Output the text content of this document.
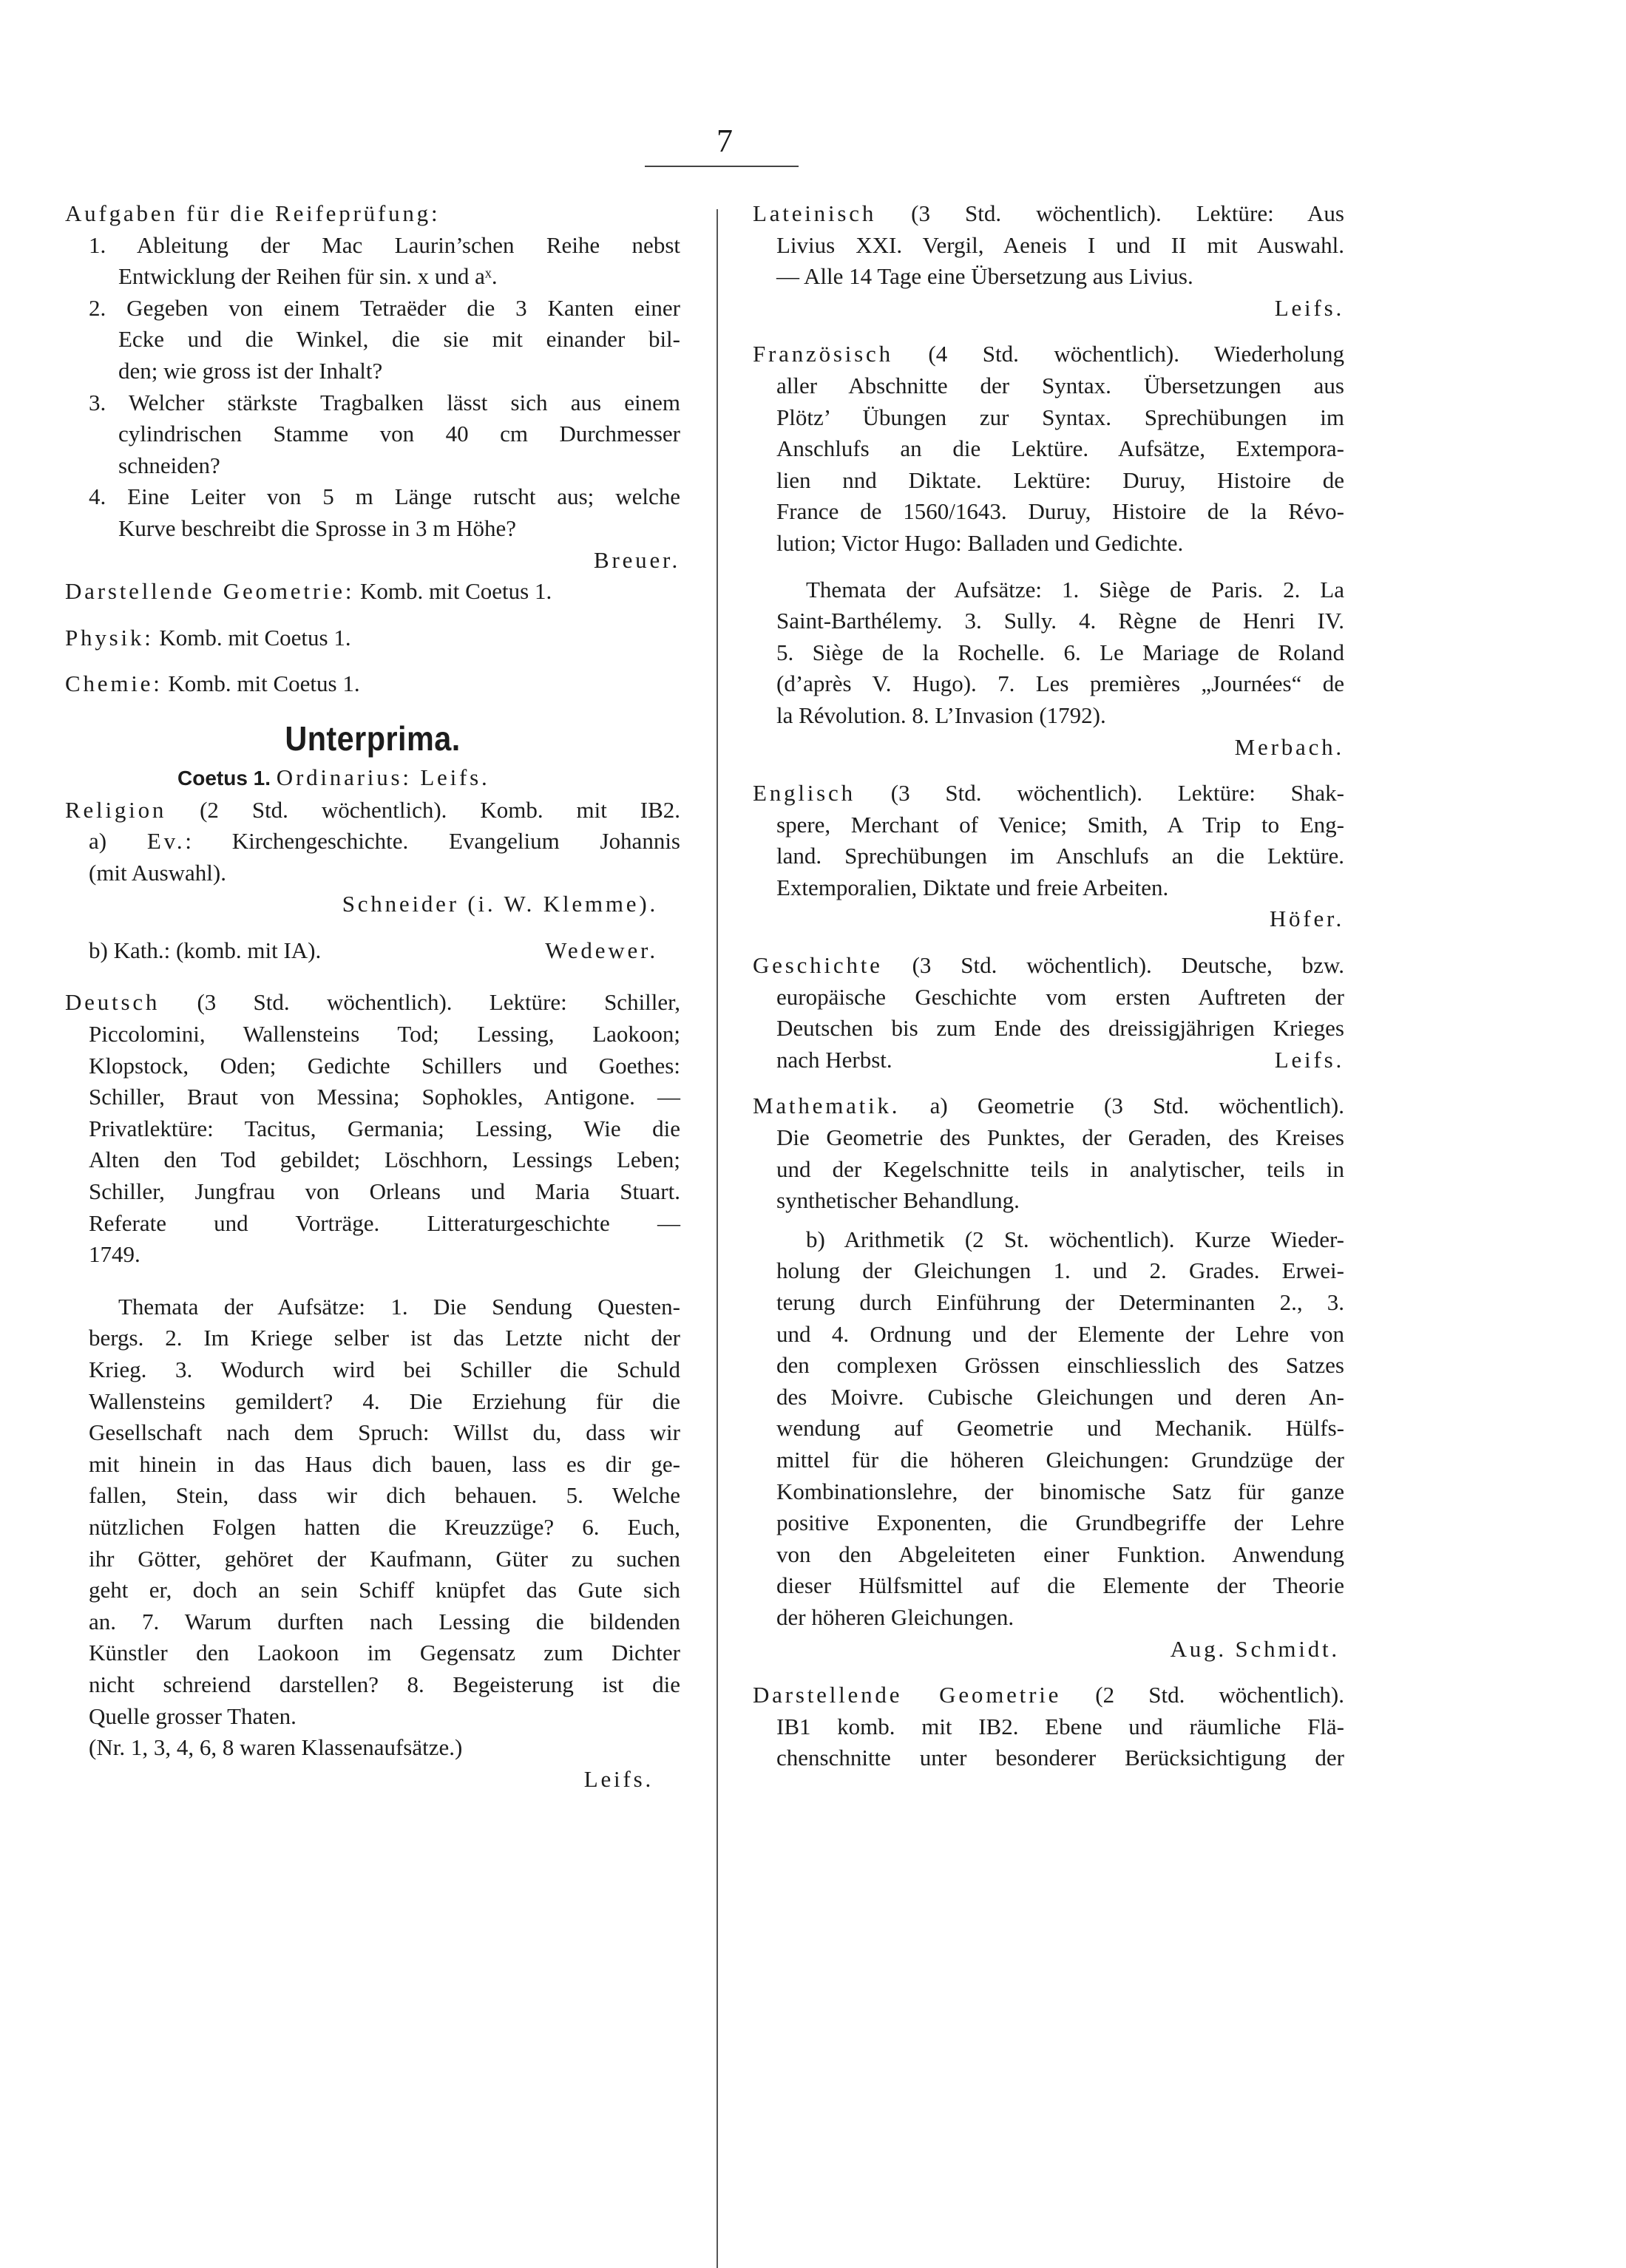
7

Aufgaben für die Reifeprüfung:

1. Ableitung der Mac Laurin’schen Reihe nebst

Entwicklung der Reihen für sin. x und aˣ.

2. Gegeben von einem Tetraëder die 3 Kanten einer

Ecke und die Winkel, die sie mit einander bil-

den; wie gross ist der Inhalt?

3. Welcher stärkste Tragbalken lässt sich aus einem

cylindrischen Stamme von 40 cm Durchmesser

schneiden?

4. Eine Leiter von 5 m Länge rutscht aus; welche

Kurve beschreibt die Sprosse in 3 m Höhe?

Breuer.

Darstellende Geometrie: Komb. mit Coetus 1.

Physik: Komb. mit Coetus 1.

Chemie: Komb. mit Coetus 1.

Unterprima.

Coetus 1. Ordinarius: Leifs.

Religion (2 Std. wöchentlich). Komb. mit IB2.

a) Ev.: Kirchengeschichte. Evangelium Johannis

(mit Auswahl).

Schneider (i. W. Klemme).

b) Kath.: (komb. mit IA).	Wedewer.

Deutsch (3 Std. wöchentlich). Lektüre: Schiller,

Piccolomini, Wallensteins Tod; Lessing, Laokoon;

Klopstock, Oden; Gedichte Schillers und Goethes:

Schiller, Braut von Messina; Sophokles, Antigone. —

Privatlektüre: Tacitus, Germania; Lessing, Wie die

Alten den Tod gebildet; Löschhorn, Lessings Leben;

Schiller, Jungfrau von Orleans und Maria Stuart.

Referate und Vorträge. Litteraturgeschichte —

1749.

Themata der Aufsätze: 1. Die Sendung Questen-

bergs. 2. Im Kriege selber ist das Letzte nicht der

Krieg. 3. Wodurch wird bei Schiller die Schuld

Wallensteins gemildert? 4. Die Erziehung für die

Gesellschaft nach dem Spruch: Willst du, dass wir

mit hinein in das Haus dich bauen, lass es dir ge-

fallen, Stein, dass wir dich behauen. 5. Welche

nützlichen Folgen hatten die Kreuzzüge? 6. Euch,

ihr Götter, gehöret der Kaufmann, Güter zu suchen

geht er, doch an sein Schiff knüpfet das Gute sich

an. 7. Warum durften nach Lessing die bildenden

Künstler den Laokoon im Gegensatz zum Dichter

nicht schreiend darstellen? 8. Begeisterung ist die

Quelle grosser Thaten.

(Nr. 1, 3, 4, 6, 8 waren Klassenaufsätze.)

Leifs.

Lateinisch (3 Std. wöchentlich). Lektüre: Aus

Livius XXI. Vergil, Aeneis I und II mit Auswahl.

— Alle 14 Tage eine Übersetzung aus Livius.

Leifs.

Französisch (4 Std. wöchentlich). Wiederholung

aller Abschnitte der Syntax. Übersetzungen aus

Plötz’ Übungen zur Syntax. Sprechübungen im

Anschlufs an die Lektüre. Aufsätze, Extempora-

lien nnd Diktate. Lektüre: Duruy, Histoire de

France de 1560/1643. Duruy, Histoire de la Révo-

lution; Victor Hugo: Balladen und Gedichte.

Themata der Aufsätze: 1. Siège de Paris. 2. La

Saint-Barthélemy. 3. Sully. 4. Règne de Henri IV.

5. Siège de la Rochelle. 6. Le Mariage de Roland

(d’après V. Hugo). 7. Les premières „Journées“ de

la Révolution. 8. L’Invasion (1792).

Merbach.

Englisch (3 Std. wöchentlich). Lektüre: Shak-

spere, Merchant of Venice; Smith, A Trip to Eng-

land. Sprechübungen im Anschlufs an die Lektüre.

Extemporalien, Diktate und freie Arbeiten.

Höfer.

Geschichte (3 Std. wöchentlich). Deutsche, bzw.

europäische Geschichte vom ersten Auftreten der

Deutschen bis zum Ende des dreissigjährigen Krieges

nach Herbst.	Leifs.

Mathematik. a) Geometrie (3 Std. wöchentlich).

Die Geometrie des Punktes, der Geraden, des Kreises

und der Kegelschnitte teils in analytischer, teils in

synthetischer Behandlung.

b) Arithmetik (2 St. wöchentlich). Kurze Wieder-

holung der Gleichungen 1. und 2. Grades. Erwei-

terung durch Einführung der Determinanten 2., 3.

und 4. Ordnung und der Elemente der Lehre von

den complexen Grössen einschliesslich des Satzes

des Moivre. Cubische Gleichungen und deren An-

wendung auf Geometrie und Mechanik. Hülfs-

mittel für die höheren Gleichungen: Grundzüge der

Kombinationslehre, der binomische Satz für ganze

positive Exponenten, die Grundbegriffe der Lehre

von den Abgeleiteten einer Funktion. Anwendung

dieser Hülfsmittel auf die Elemente der Theorie

der höheren Gleichungen.

Aug. Schmidt.

Darstellende Geometrie (2 Std. wöchentlich).

IB1 komb. mit IB2. Ebene und räumliche Flä-

chenschnitte unter besonderer Berücksichtigung der
